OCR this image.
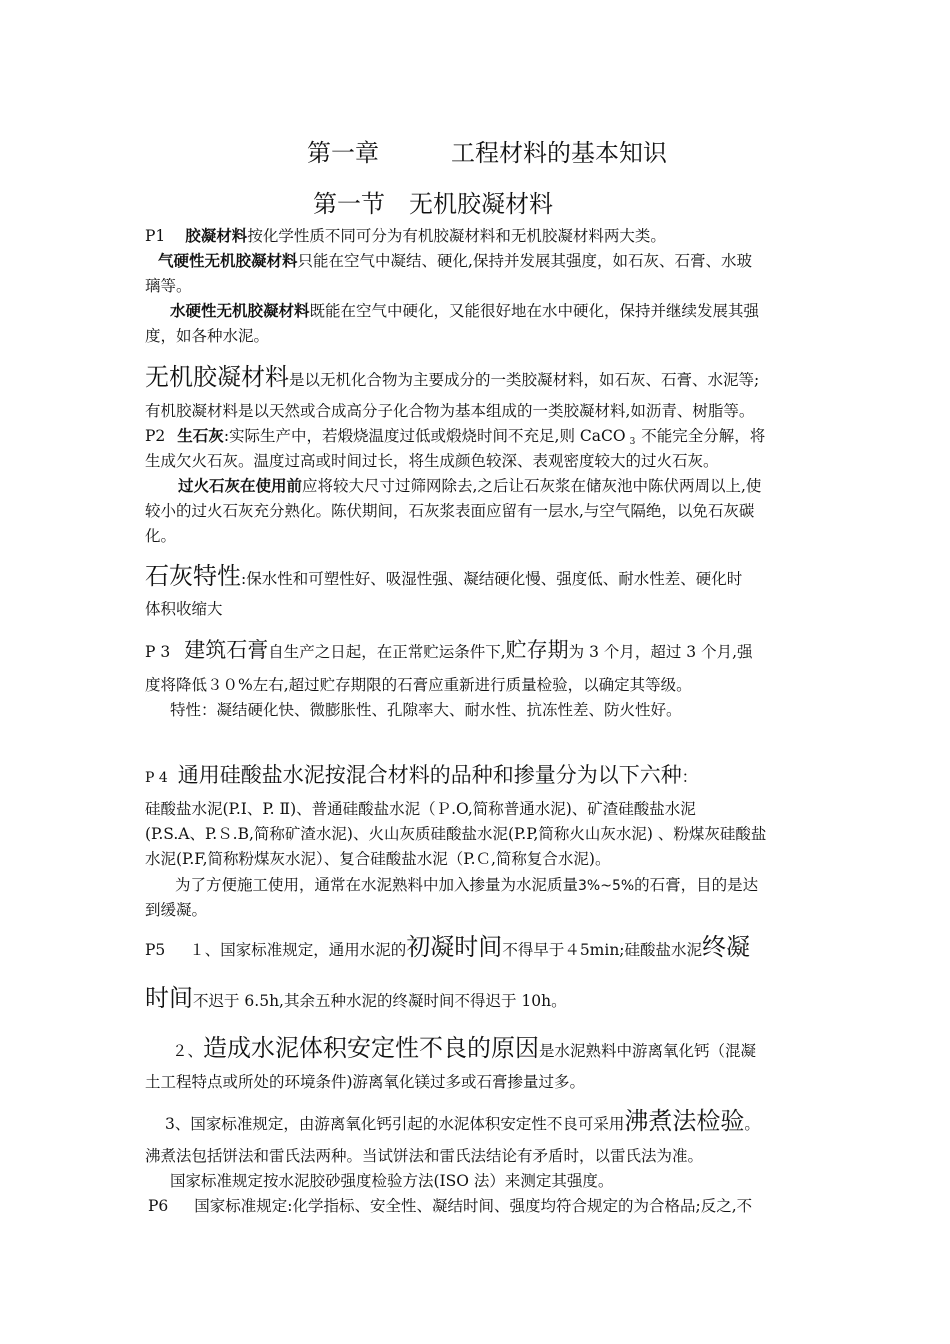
第一章	工程材料的基本知识
第一节 无机胶凝材料
P1 胶凝材料按化学性质不同可分为有机胶凝材料和无机胶凝材料两大类。
气硬性无机胶凝材料只能在空气中凝结、硬化,保持并发展其强度，如石灰、石膏、水玻
璃等。
水硬性无机胶凝材料既能在空气中硬化，又能很好地在水中硬化，保持并继续发展其强
度，如各种水泥。
无机胶凝材料是以无机化合物为主要成分的一类胶凝材料，如石灰、石膏、水泥等;
有机胶凝材料是以天然或合成高分子化合物为基本组成的一类胶凝材料,如沥青、树脂等。
P2 生石灰:实际生产中，若煅烧温度过低或煅烧时间不充足,则 CaCO 3 不能完全分解，将
生成欠火石灰。温度过高或时间过长，将生成颜色较深、表观密度较大的过火石灰。
过火石灰在使用前应将较大尺寸过筛网除去,之后让石灰浆在储灰池中陈伏两周以上,使
较小的过火石灰充分熟化。陈伏期间，石灰浆表面应留有一层水,与空气隔绝，以免石灰碳
化。
石灰特性:保水性和可塑性好、吸湿性强、凝结硬化慢、强度低、耐水性差、硬化时
体积收缩大
P 3 建筑石膏自生产之日起，在正常贮运条件下,贮存期为 3 个月，超过 3 个月,强
度将降低３０%左右,超过贮存期限的石膏应重新进行质量检验，以确定其等级。
特性：凝结硬化快、微膨胀性、孔隙率大、耐水性、抗冻性差、防火性好。
P 4 通用硅酸盐水泥按混合材料的品种和掺量分为以下六种：
硅酸盐水泥(P.Ⅰ、P. Ⅱ)、普通硅酸盐水泥（Ｐ.O,简称普通水泥)、矿渣硅酸盐水泥
(P.S.A、P.Ｓ.B,简称矿渣水泥)、火山灰质硅酸盐水泥(P.P,简称火山灰水泥) 、粉煤灰硅酸盐
水泥(P.F,简称粉煤灰水泥）、复合硅酸盐水泥（P.Ｃ,简称复合水泥)。
为了方便施工使用，通常在水泥熟料中加入掺量为水泥质量3%~5%的石膏，目的是达
到缓凝。
P5 １、国家标准规定，通用水泥的初凝时间不得早于４5min;硅酸盐水泥终凝
时间不迟于 6.5h,其余五种水泥的终凝时间不得迟于 10h。
２、造成水泥体积安定性不良的原因是水泥熟料中游离氧化钙（混凝
土工程特点或所处的环境条件)游离氧化镁过多或石膏掺量过多。
3、国家标准规定，由游离氧化钙引起的水泥体积安定性不良可采用沸煮法检验。
沸煮法包括饼法和雷氏法两种。当试饼法和雷氏法结论有矛盾时，以雷氏法为准。
国家标准规定按水泥胶砂强度检验方法(ISO 法）来测定其强度。
P6 国家标准规定:化学指标、安全性、凝结时间、强度均符合规定的为合格品;反之,不
